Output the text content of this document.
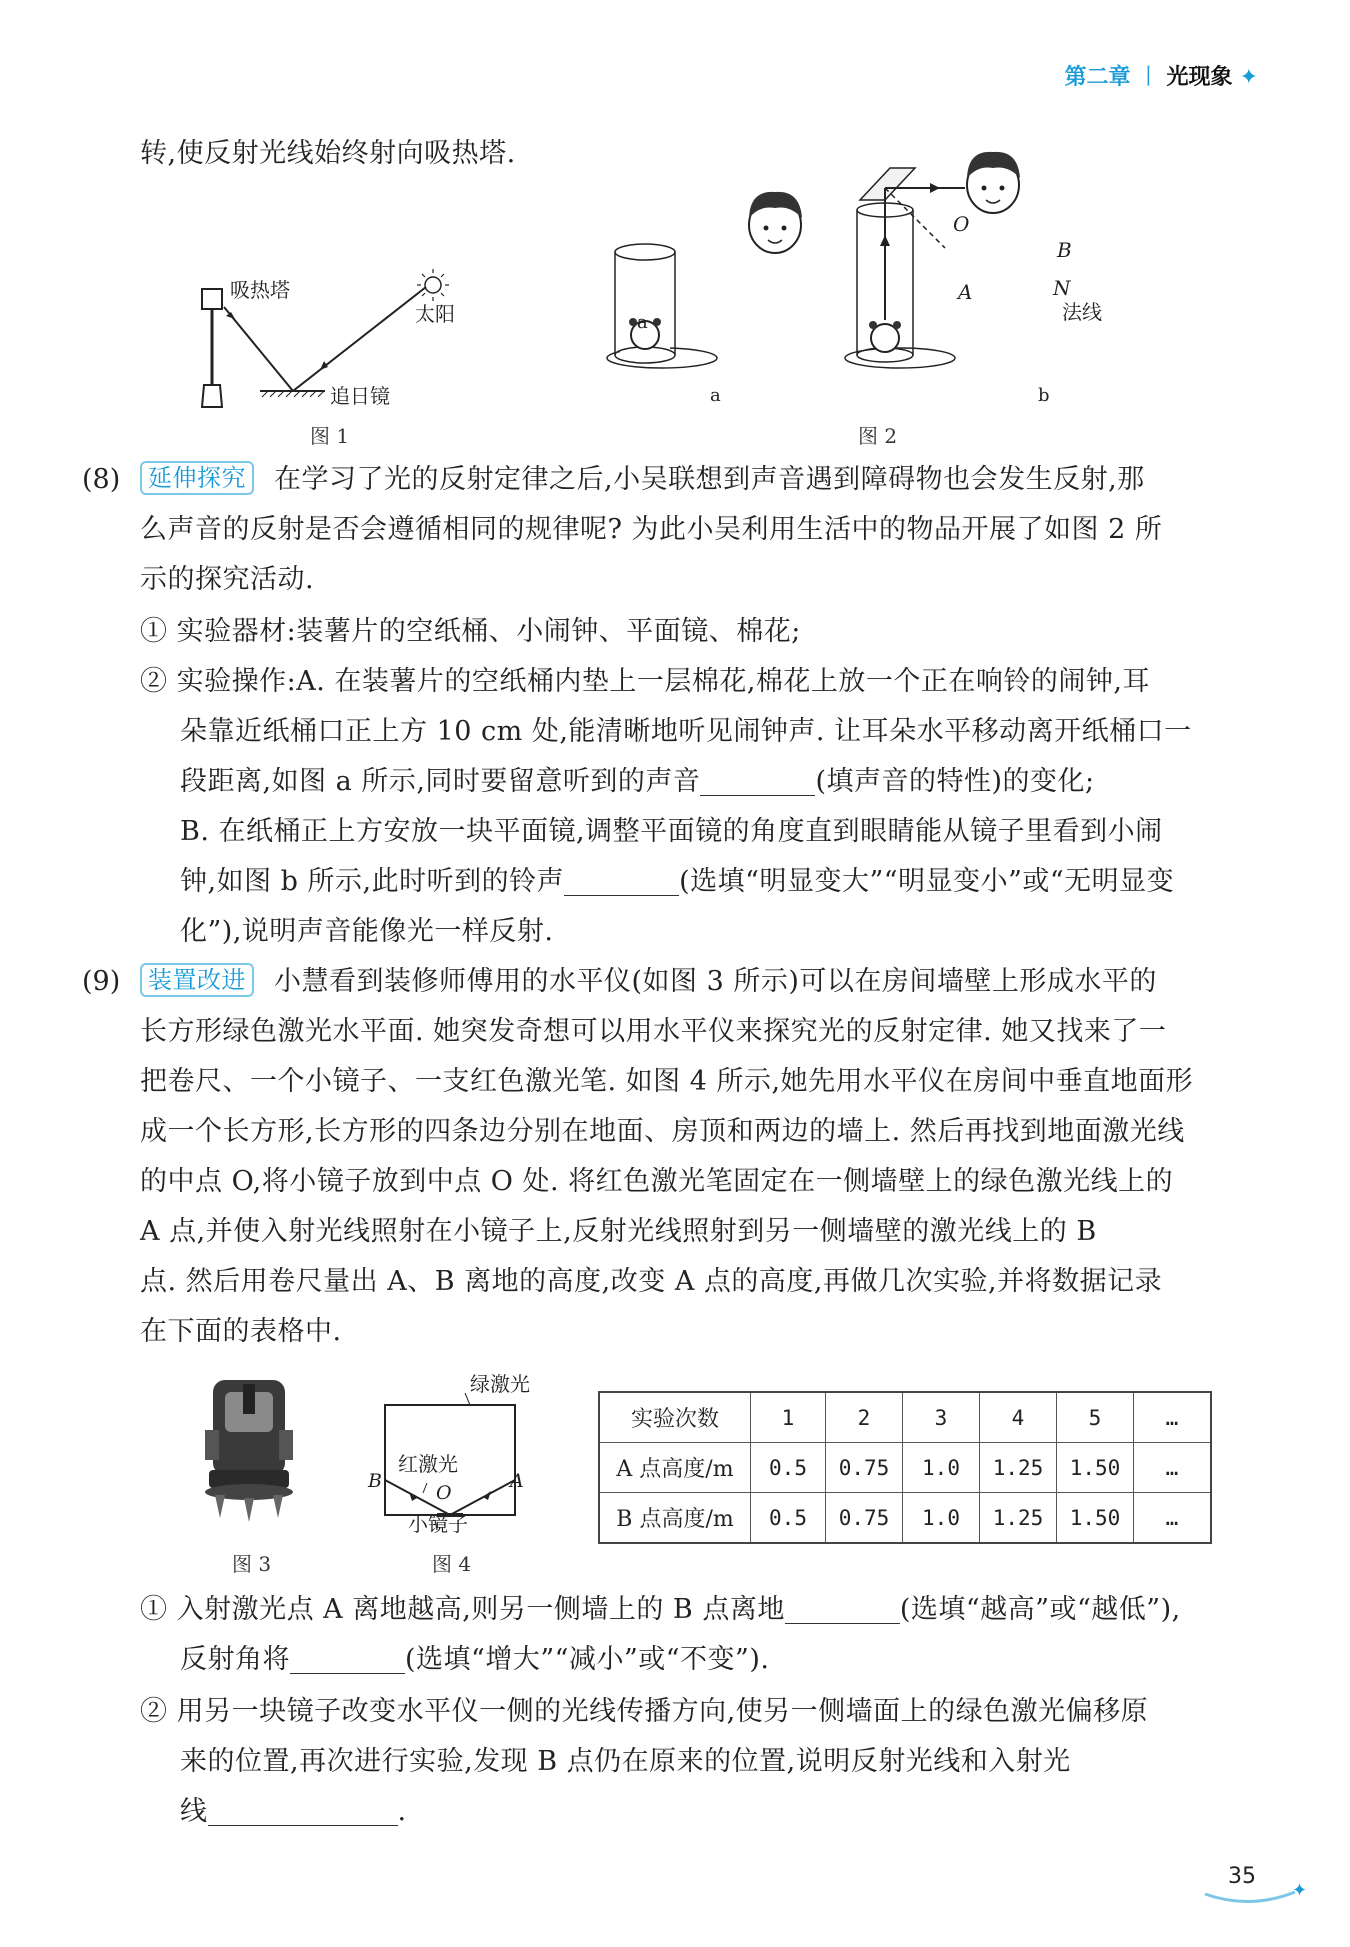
第二章 丨 光现象 ✦
转,使反射光线始终射向吸热塔.
吸热塔
太阳
追日镜
图 1
a
a	b
O
B
A	N
法线
图 2
(8)	延伸探究 在学习了光的反射定律之后,小吴联想到声音遇到障碍物也会发生反射,那
么声音的反射是否会遵循相同的规律呢? 为此小吴利用生活中的物品开展了如图 2 所
示的探究活动.
① 实验器材:装薯片的空纸桶、小闹钟、平面镜、棉花;
② 实验操作:A. 在装薯片的空纸桶内垫上一层棉花,棉花上放一个正在响铃的闹钟,耳
朵靠近纸桶口正上方 10 cm 处,能清晰地听见闹钟声. 让耳朵水平移动离开纸桶口一
段距离,如图 a 所示,同时要留意听到的声音	(填声音的特性)的变化;
B. 在纸桶正上方安放一块平面镜,调整平面镜的角度直到眼睛能从镜子里看到小闹
钟,如图 b 所示,此时听到的铃声	(选填“明显变大”“明显变小”或“无明显变
化”),说明声音能像光一样反射.
(9)	装置改进 小慧看到装修师傅用的水平仪(如图 3 所示)可以在房间墙壁上形成水平的
长方形绿色激光水平面. 她突发奇想可以用水平仪来探究光的反射定律. 她又找来了一
把卷尺、一个小镜子、一支红色激光笔. 如图 4 所示,她先用水平仪在房间中垂直地面形
成一个长方形,长方形的四条边分别在地面、房顶和两边的墙上. 然后再找到地面激光线
的中点 O,将小镜子放到中点 O 处. 将红色激光笔固定在一侧墙壁上的绿色激光线上的
A 点,并使入射光线照射在小镜子上,反射光线照射到另一侧墙壁的激光线上的 B
点. 然后用卷尺量出 A、B 离地的高度,改变 A 点的高度,再做几次实验,并将数据记录
在下面的表格中.
图 3
绿激光
红激光
B	A
O
小镜子
图 4
实验次数	1	2	3	4	5	…
A 点高度/m	0.5	0.75	1.0	1.25	1.50	…
B 点高度/m	0.5	0.75	1.0	1.25	1.50	…
① 入射激光点 A 离地越高,则另一侧墙上的 B 点离地	(选填“越高”或“越低”),
反射角将	(选填“增大”“减小”或“不变”).
② 用另一块镜子改变水平仪一侧的光线传播方向,使另一侧墙面上的绿色激光偏移原
来的位置,再次进行实验,发现 B 点仍在原来的位置,说明反射光线和入射光
线	.
✦
35
